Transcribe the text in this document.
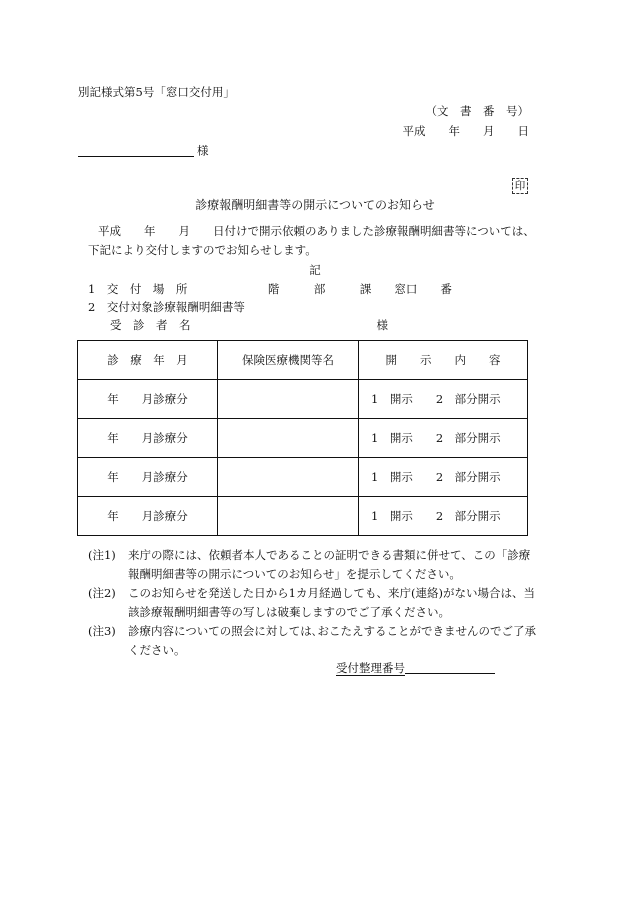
別記様式第5号「窓口交付用」
（文　書　番　号）
平成　　年　　月　　日
様
印
診療報酬明細書等の開示についてのお知らせ
平成　　年　　月　　日付けで開示依頼のありました診療報酬明細書等については、
下記により交付しますのでお知らせします。
記
1　交　付　場　所　　　　　　　階　　　部　　　課　　窓口　　番
2　交付対象診療報酬明細書等
受　診　者　名	様
診　療　年　月	保険医療機関等名	開　　示　　内　　容
年　　月診療分		1　開示　　2　部分開示
年　　月診療分		1　開示　　2　部分開示
年　　月診療分		1　開示　　2　部分開示
年　　月診療分		1　開示　　2　部分開示
(注1)	来庁の際には、依頼者本人であることの証明できる書類に併せて、この「診療報酬明細書等の開示についてのお知らせ」を提示してください。
(注2)	このお知らせを発送した日から1カ月経過しても、来庁(連絡)がない場合は、当該診療報酬明細書等の写しは破棄しますのでご了承ください。
(注3)	診療内容についての照会に対しては､おこたえすることができませんのでご了承ください。
受付整理番号
